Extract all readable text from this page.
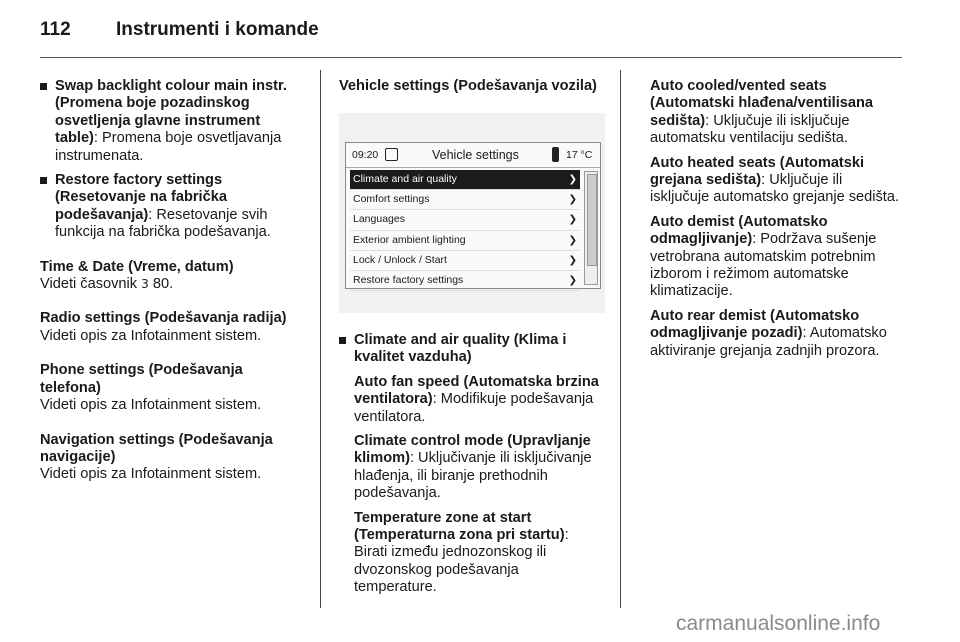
112 Instrumenti i komande
Swap backlight colour main instr. (Promena boje pozadinskog osvetljenja glavne instrument table): Promena boje osvetljavanja instrumenata.
Restore factory settings (Resetovanje na fabrička podešavanja): Resetovanje svih funkcija na fabrička podešavanja.
Time & Date (Vreme, datum)
Videti časovnik 3 80.
Radio settings (Podešavanja radija)
Videti opis za Infotainment sistem.
Phone settings (Podešavanja telefona)
Videti opis za Infotainment sistem.
Navigation settings (Podešavanja navigacije)
Videti opis za Infotainment sistem.
Vehicle settings (Podešavanja vozila)
09:20	Vehicle settings	17 °C
Climate and air quality	❯
Comfort settings	❯
Languages	❯
Exterior ambient lighting	❯
Lock / Unlock / Start	❯
Restore factory settings	❯
Climate and air quality (Klima i kvalitet vazduha)
Auto fan speed (Automatska brzina ventilatora): Modifikuje podešavanja ventilatora.
Climate control mode (Upravljanje klimom): Uključivanje ili isključivanje hlađenja, ili biranje prethodnih podešavanja.
Temperature zone at start (Temperaturna zona pri startu): Birati između jednozonskog ili dvozonskog podešavanja temperature.
Auto cooled/vented seats (Automatski hlađena/ventilisana sedišta): Uključuje ili isključuje automatsku ventilaciju sedišta.
Auto heated seats (Automatski grejana sedišta): Uključuje ili isključuje automatsko grejanje sedišta.
Auto demist (Automatsko odmagljivanje): Podržava sušenje vetrobrana automatskim potrebnim izborom i režimom automatske klimatizacije.
Auto rear demist (Automatsko odmagljivanje pozadi): Automatsko aktiviranje grejanja zadnjih prozora.
carmanualsonline.info
